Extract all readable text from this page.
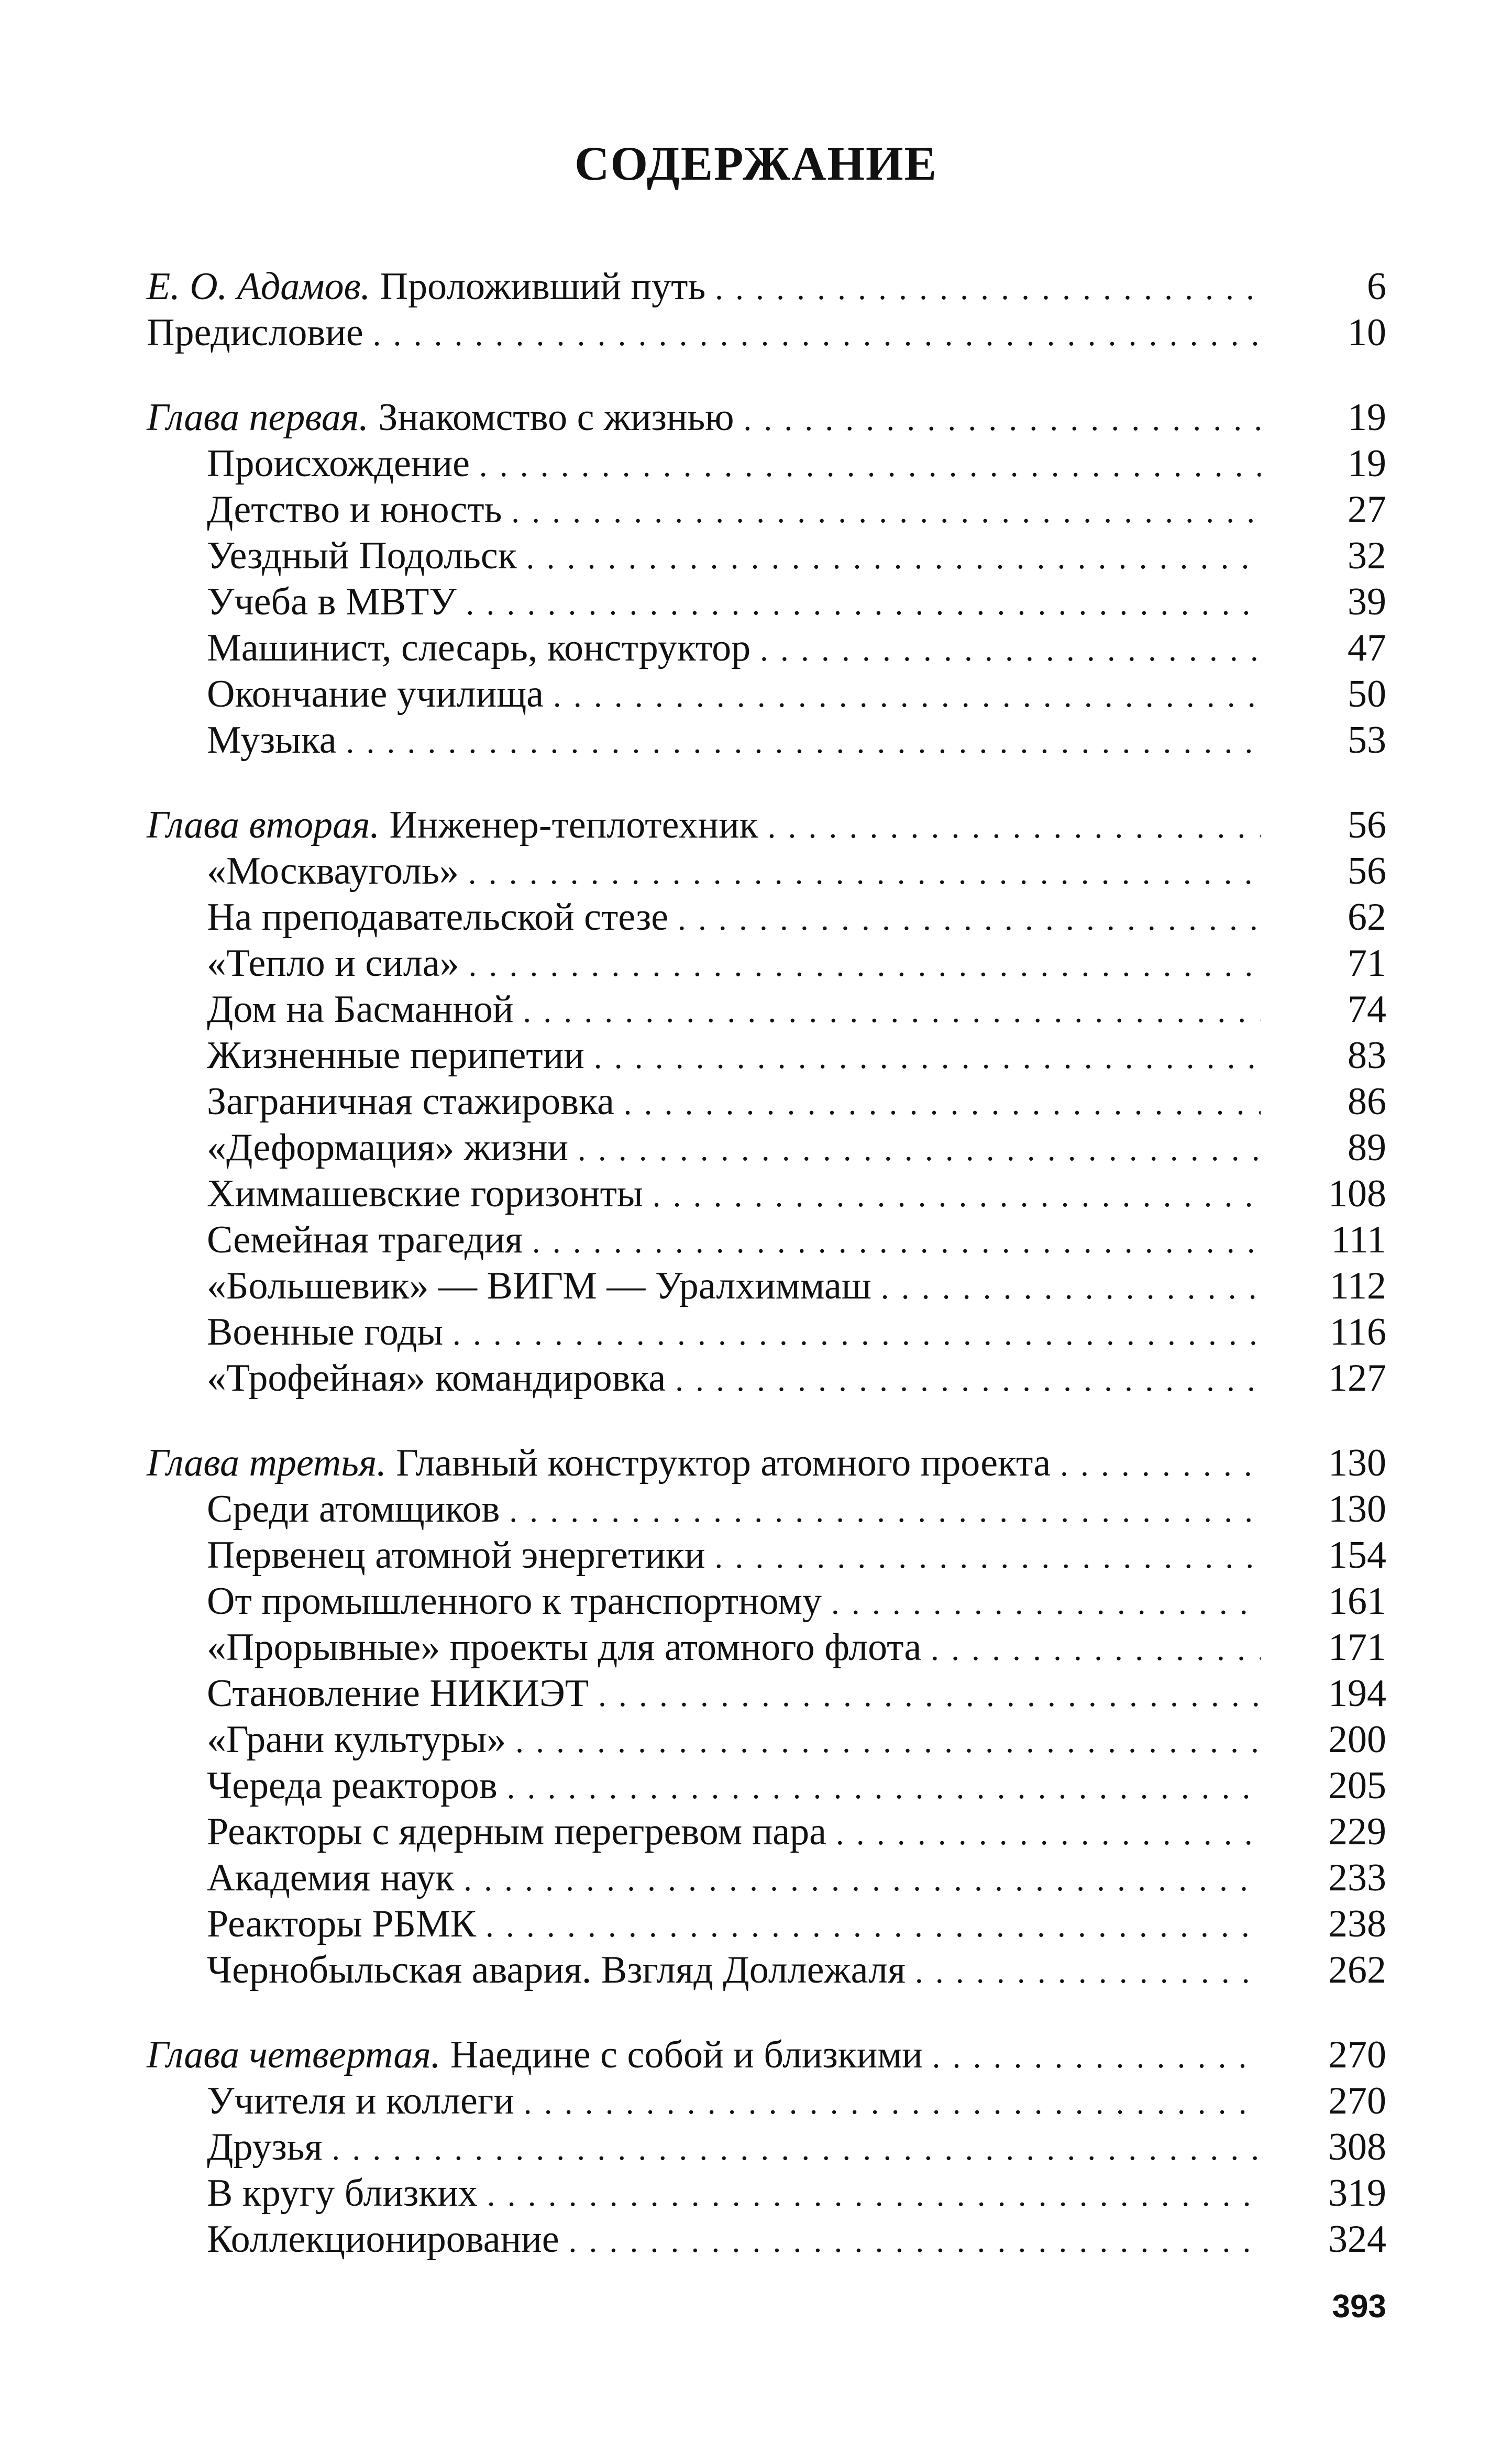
СОДЕРЖАНИЕ
Е. О. Адамов. Проложивший путь . . .	6
Предисловие . . .	10
Глава первая. Знакомство с жизнью . . .	19
Происхождение . . .	19
Детство и юность . . .	27
Уездный Подольск . . .	32
Учеба в МВТУ . . .	39
Машинист, слесарь, конструктор . . .	47
Окончание училища . . .	50
Музыка . . .	53
Глава вторая. Инженер-теплотехник . . .	56
«Москвауголь» . . .	56
На преподавательской стезе . . .	62
«Тепло и сила» . . .	71
Дом на Басманной . . .	74
Жизненные перипетии . . .	83
Заграничная стажировка . . .	86
«Деформация» жизни . . .	89
Химмашевские горизонты . . .	108
Семейная трагедия . . .	111
«Большевик» — ВИГМ — Уралхиммаш . . .	112
Военные годы . . .	116
«Трофейная» командировка . . .	127
Глава третья. Главный конструктор атомного проекта . . .	130
Среди атомщиков . . .	130
Первенец атомной энергетики . . .	154
От промышленного к транспортному . . .	161
«Прорывные» проекты для атомного флота . . .	171
Становление НИКИЭТ . . .	194
«Грани культуры» . . .	200
Череда реакторов . . .	205
Реакторы с ядерным перегревом пара . . .	229
Академия наук . . .	233
Реакторы РБМК . . .	238
Чернобыльская авария. Взгляд Доллежаля . . .	262
Глава четвертая. Наедине с собой и близкими . . .	270
Учителя и коллеги . . .	270
Друзья . . .	308
В кругу близких . . .	319
Коллекционирование . . .	324
393
